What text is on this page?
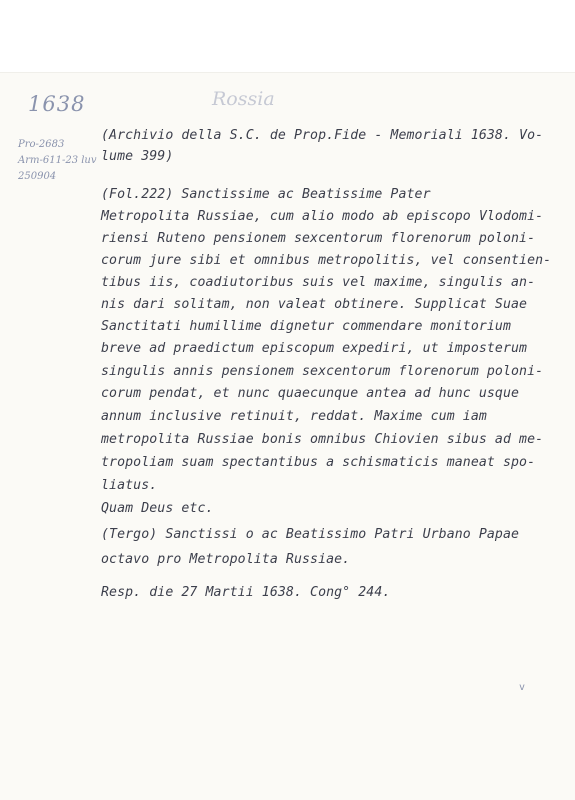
1638	Rossia
Pro-2683
Arm-611-23 luv
250904
(Archivio della S.C. de Prop.Fide - Memoriali 1638. Vo-
lume 399)
(Fol.222) Sanctissime ac Beatissime Pater
Metropolita Russiae, cum alio modo ab episcopo Vlodomi-
riensi Ruteno pensionem sexcentorum florenorum poloni-
corum jure sibi et omnibus metropolitis, vel consentien-
tibus iis, coadiutoribus suis vel maxime, singulis an-
nis dari solitam, non valeat obtinere. Supplicat Suae
Sanctitati humillime dignetur commendare monitorium
breve ad praedictum episcopum expediri, ut imposterum
singulis annis pensionem sexcentorum florenorum poloni-
corum pendat, et nunc quaecunque antea ad hunc usque
annum inclusive retinuit, reddat. Maxime cum iam
metropolita Russiae bonis omnibus Chiovien sibus ad me-
tropoliam suam spectantibus a schismaticis maneat spo-
liatus.
Quam Deus etc.
(Tergo) Sanctissi o ac Beatissimo Patri Urbano Papae
octavo pro Metropolita Russiae.
Resp. die 27 Martii 1638. Cong° 244.
v
